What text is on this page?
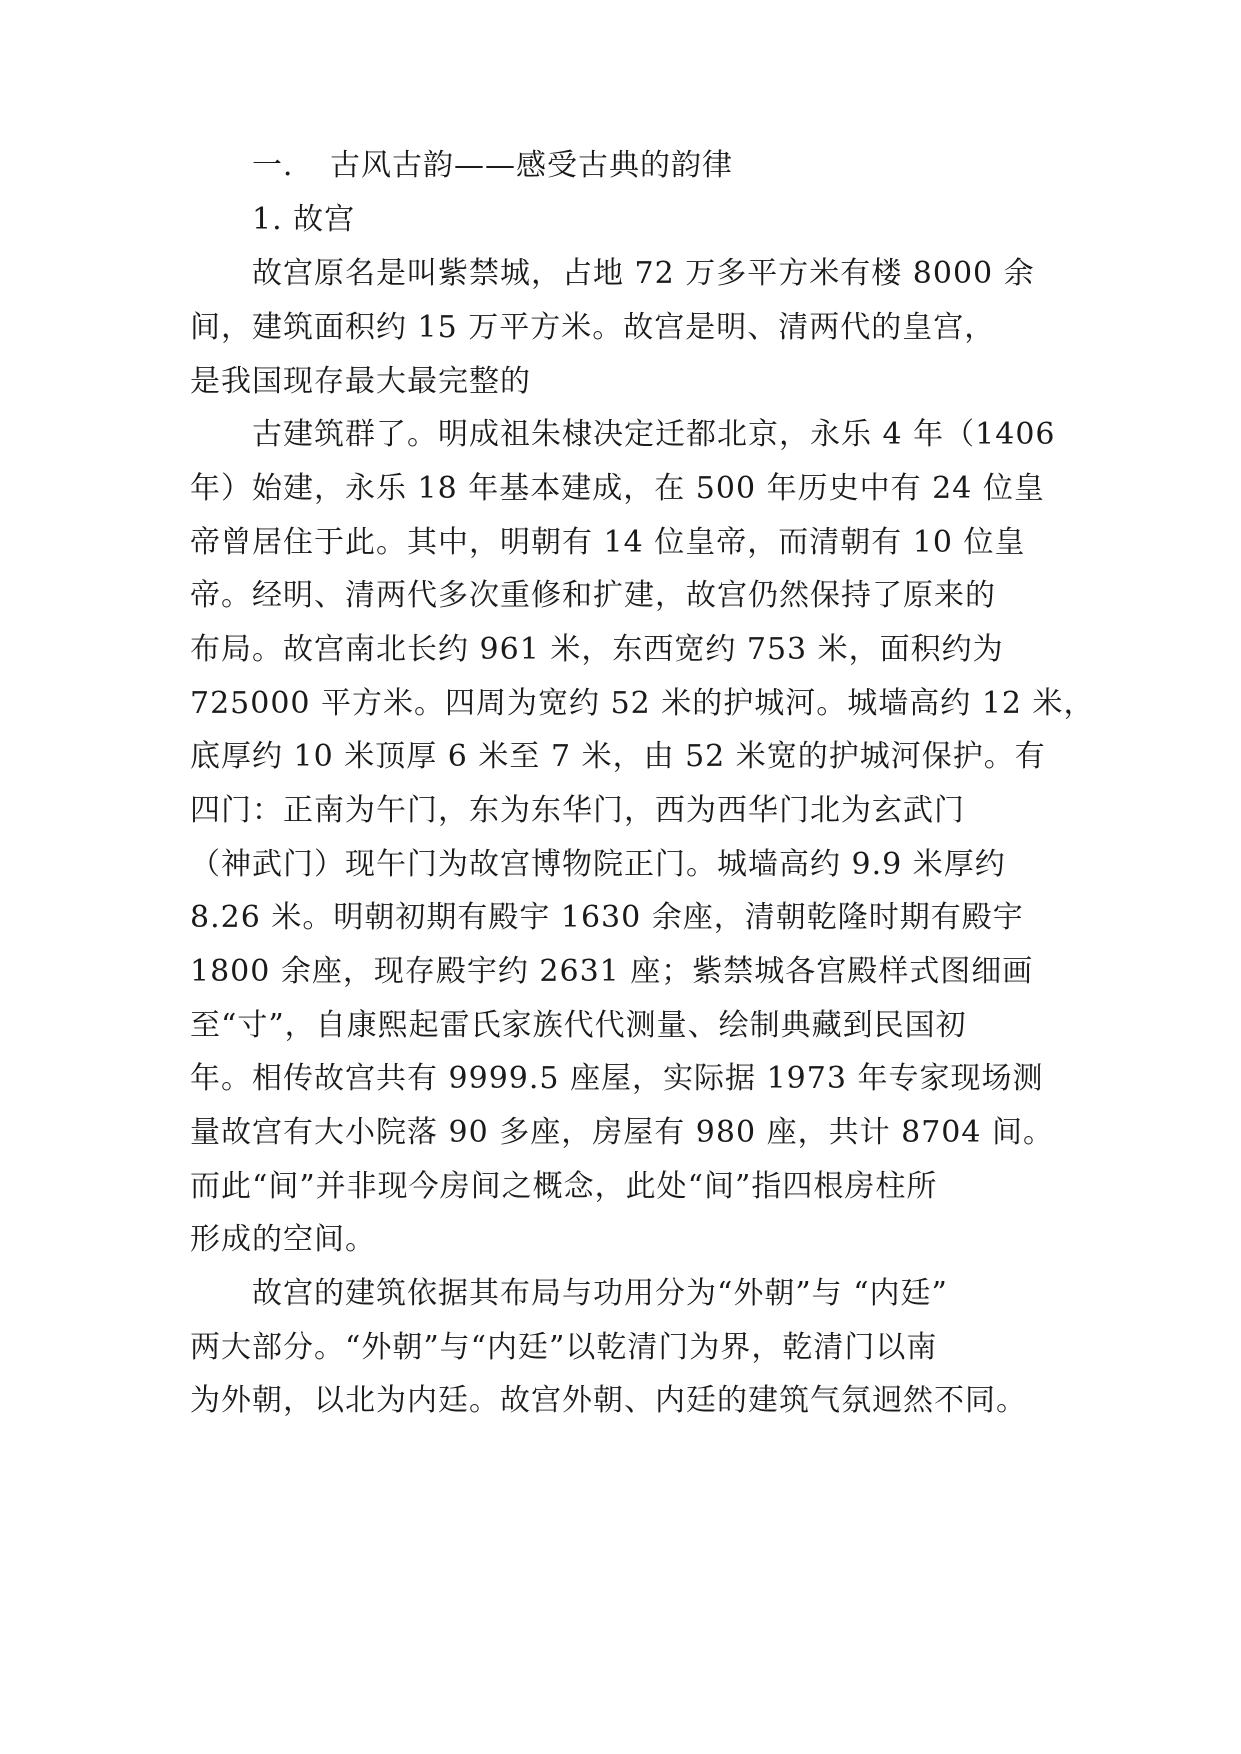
一．　古风古韵——感受古典的韵律
1. 故宫
故宫原名是叫紫禁城，占地 72 万多平方米有楼 8000 余
间，建筑面积约 15 万平方米。故宫是明、清两代的皇宫，
是我国现存最大最完整的
古建筑群了。明成祖朱棣决定迁都北京，永乐 4 年（1406
年）始建，永乐 18 年基本建成，在 500 年历史中有 24 位皇
帝曾居住于此。其中，明朝有 14 位皇帝，而清朝有 10 位皇
帝。经明、清两代多次重修和扩建，故宫仍然保持了原来的
布局。故宫南北长约 961 米，东西宽约 753 米，面积约为
725000 平方米。四周为宽约 52 米的护城河。城墙高约 12 米，
底厚约 10 米顶厚 6 米至 7 米，由 52 米宽的护城河保护。有
四门：正南为午门，东为东华门，西为西华门北为玄武门
（神武门）现午门为故宫博物院正门。城墙高约 9.9 米厚约
8.26 米。明朝初期有殿宇 1630 余座，清朝乾隆时期有殿宇
1800 余座，现存殿宇约 2631 座；紫禁城各宫殿样式图细画
至“寸”，自康熙起雷氏家族代代测量、绘制典藏到民国初
年。相传故宫共有 9999.5 座屋，实际据 1973 年专家现场测
量故宫有大小院落 90 多座，房屋有 980 座，共计 8704 间。
而此“间”并非现今房间之概念，此处“间”指四根房柱所
形成的空间。
故宫的建筑依据其布局与功用分为“外朝”与 “内廷”
两大部分。“外朝”与“内廷”以乾清门为界，乾清门以南
为外朝，以北为内廷。故宫外朝、内廷的建筑气氛迥然不同。
